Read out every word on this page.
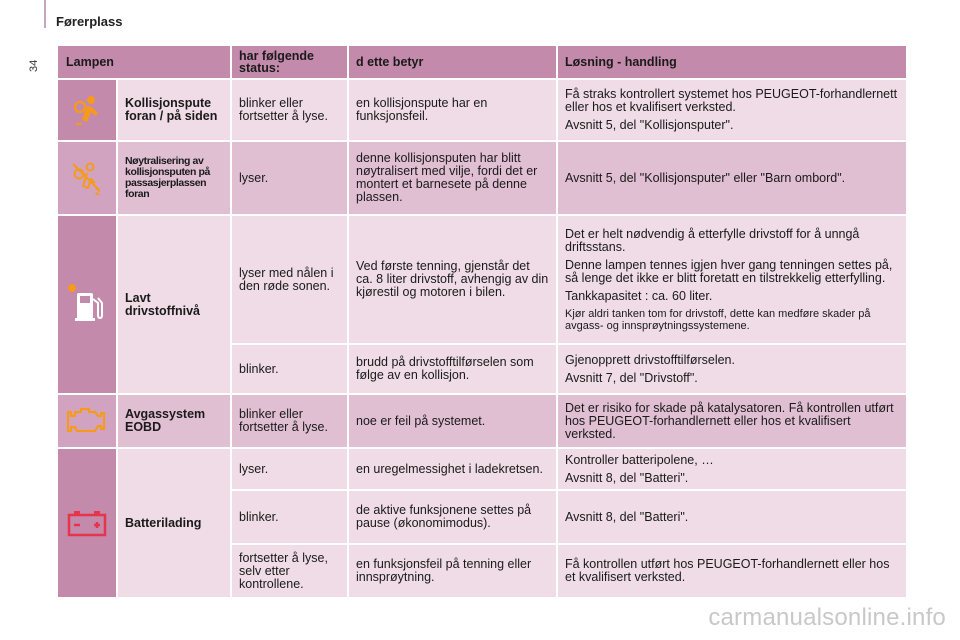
Førerplass
34 Lampen		har følgende status:	d ette betyr	Løsning - handling

	Kollisjonspute foran / på siden	blinker eller fortsetter å lyse.	en kollisjonspute har en funksjonsfeil.	Få straks kontrollert systemet hos PEUGEOT-forhandlernett eller hos et kvalifisert verksted.

Avsnitt 5, del "Kollisjonsputer".

2	Nøytralisering av kollisjonsputen på passasjerplassen foran	lyser.	denne kollisjonsputen har blitt nøytralisert med vilje, fordi det er montert et barnesete på denne plassen.	Avsnitt 5, del "Kollisjonsputer" eller "Barn ombord".

	Lavt drivstoffnivå	lyser med nålen i den røde sonen.	Ved første tenning, gjenstår det ca. 8 liter drivstoff, avhengig av din kjørestil og motoren i bilen.	Det er helt nødvendig å etterfylle drivstoff for å unngå driftsstans.

Denne lampen tennes igjen hver gang tenningen settes på, så lenge det ikke er blitt foretatt en tilstrekkelig etterfylling.

Tankkapasitet : ca. 60 liter.

Kjør aldri tanken tom for drivstoff, dette kan medføre skader på avgass- og innsprøytningssystemene.

		blinker.	brudd på drivstofftilførselen som følge av en kollisjon.	Gjenopprett drivstofftilførselen.

Avsnitt 7, del "Drivstoff".

	Avgassystem EOBD	blinker eller fortsetter å lyse.	noe er feil på systemet.	Det er risiko for skade på katalysatoren. Få kontrollen utført hos PEUGEOT-forhandlernett eller hos et kvalifisert verksted.

	Batterilading	lyser.	en uregelmessighet i ladekretsen.	Kontroller batteripolene, …

Avsnitt 8, del "Batteri".

		blinker.	de aktive funksjonene settes på pause (økonomimodus).	Avsnitt 8, del "Batteri".

		fortsetter å lyse, selv etter kontrollene.	en funksjonsfeil på tenning eller innsprøytning.	Få kontrollen utført hos PEUGEOT-forhandlernett eller hos et kvalifisert verksted.

carmanualsonline.info
